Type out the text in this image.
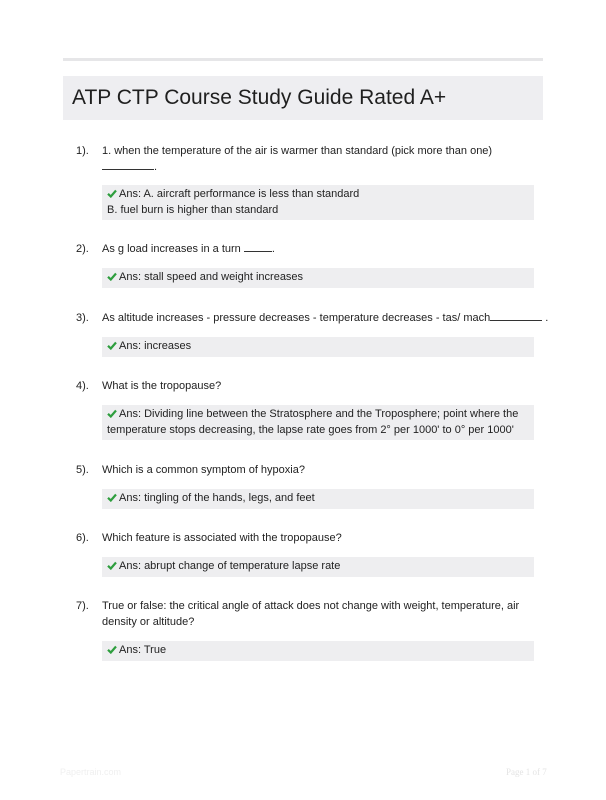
ATP CTP Course Study Guide Rated A+
1). 1. when the temperature of the air is warmer than standard (pick more than one)
.
Ans: A. aircraft performance is less than standard
B. fuel burn is higher than standard
2). As g load increases in a turn	.
Ans: stall speed and weight increases
3). As altitude increases - pressure decreases - temperature decreases - tas/ mach	.
Ans: increases
4). What is the tropopause?
Ans: Dividing line between the Stratosphere and the Troposphere; point where the
temperature stops decreasing, the lapse rate goes from 2° per 1000' to 0° per 1000'
5). Which is a common symptom of hypoxia?
Ans: tingling of the hands, legs, and feet
6). Which feature is associated with the tropopause?
Ans: abrupt change of temperature lapse rate
7). True or false: the critical angle of attack does not change with weight, temperature, air
density or altitude?
Ans: True
Papertrain.com	Page 1 of 7
